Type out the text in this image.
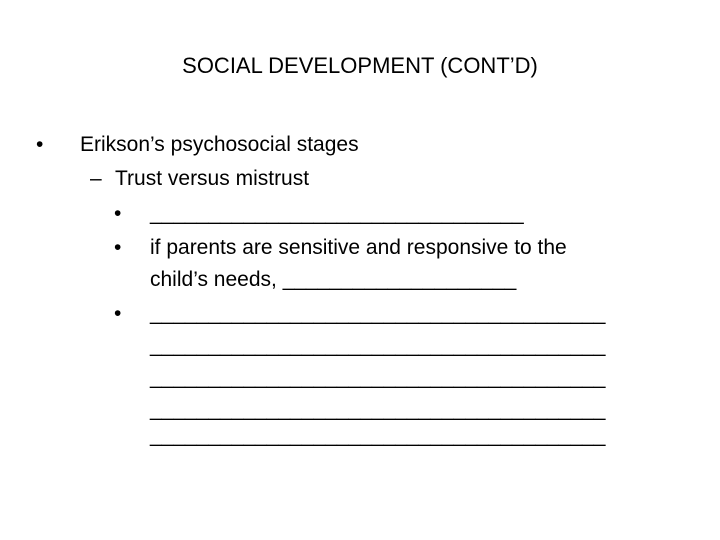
SOCIAL DEVELOPMENT (CONT’D)
• Erikson’s psychosocial stages
– Trust versus mistrust
• ________________________________
• if parents are sensitive and responsive to the
child’s needs, ____________________
• _______________________________________
_______________________________________
_______________________________________
_______________________________________
_______________________________________
